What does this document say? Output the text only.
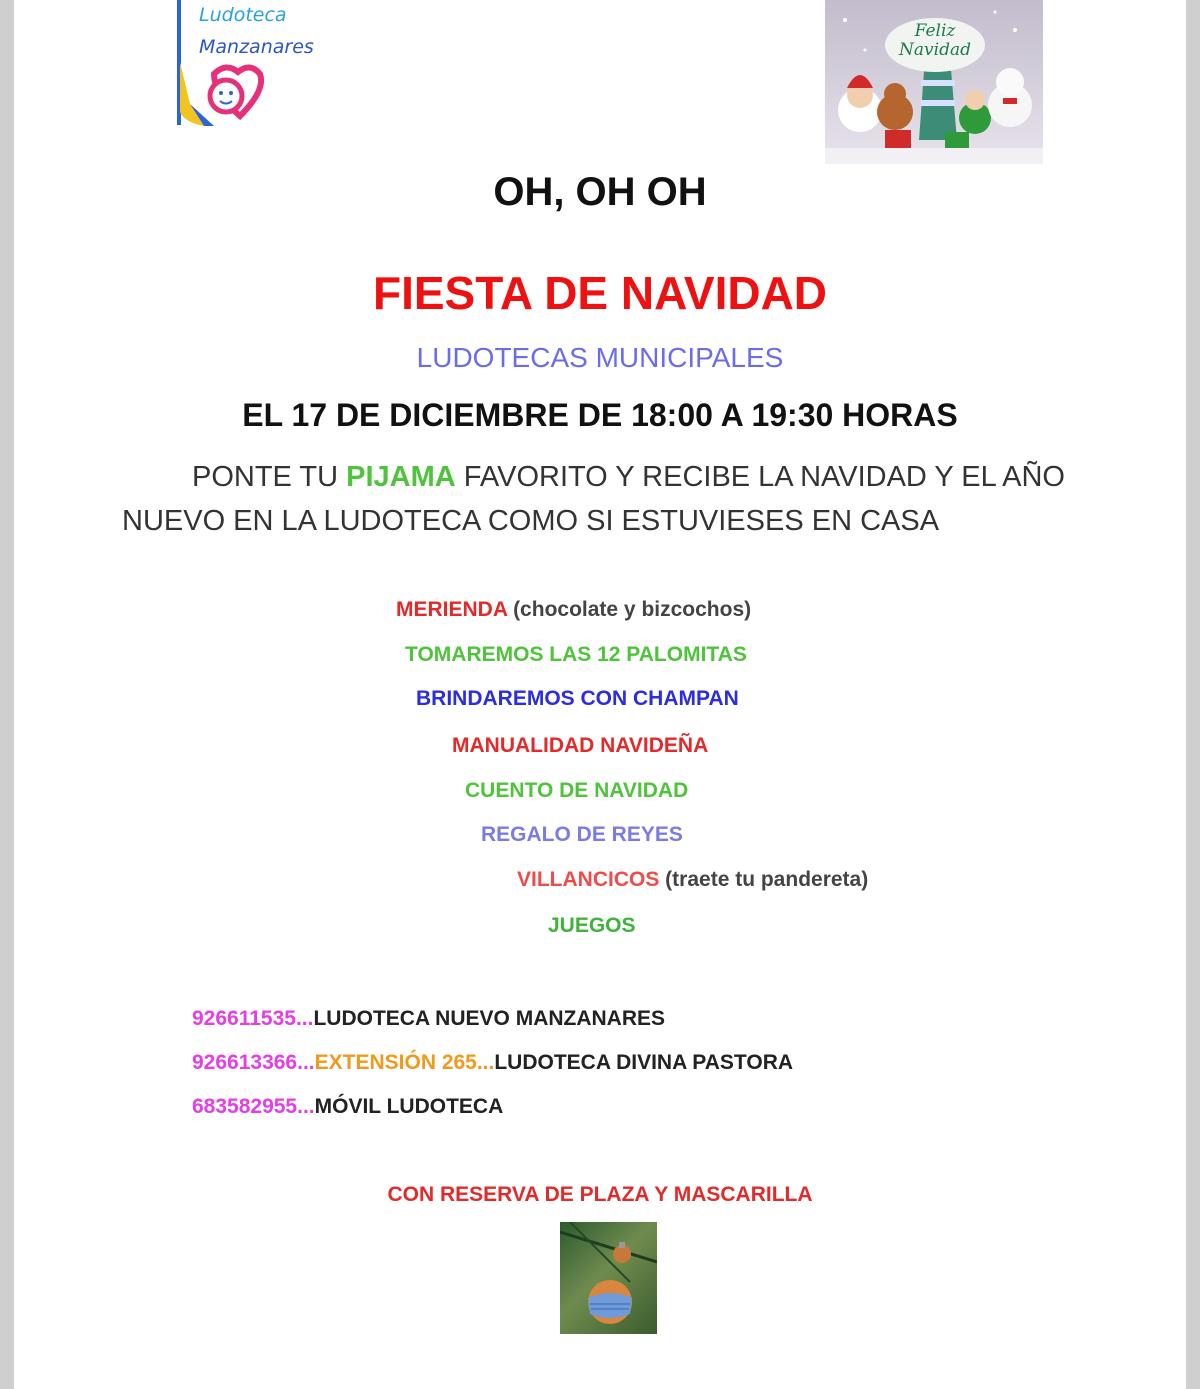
Ludoteca
Manzanares
Feliz
Navidad
OH, OH OH
FIESTA DE NAVIDAD
LUDOTECAS MUNICIPALES
EL 17 DE DICIEMBRE DE 18:00 A 19:30 HORAS
PONTE TU PIJAMA FAVORITO Y RECIBE LA NAVIDAD Y EL AÑO NUEVO EN LA LUDOTECA COMO SI ESTUVIESES EN CASA
MERIENDA (chocolate y bizcochos)
TOMAREMOS LAS 12 PALOMITAS
BRINDAREMOS CON CHAMPAN
MANUALIDAD NAVIDEÑA
CUENTO DE NAVIDAD
REGALO DE REYES
VILLANCICOS (traete tu pandereta)
JUEGOS
926611535...LUDOTECA NUEVO MANZANARES
926613366...EXTENSIÓN 265...LUDOTECA DIVINA PASTORA
683582955...MÓVIL LUDOTECA
CON RESERVA DE PLAZA Y MASCARILLA
